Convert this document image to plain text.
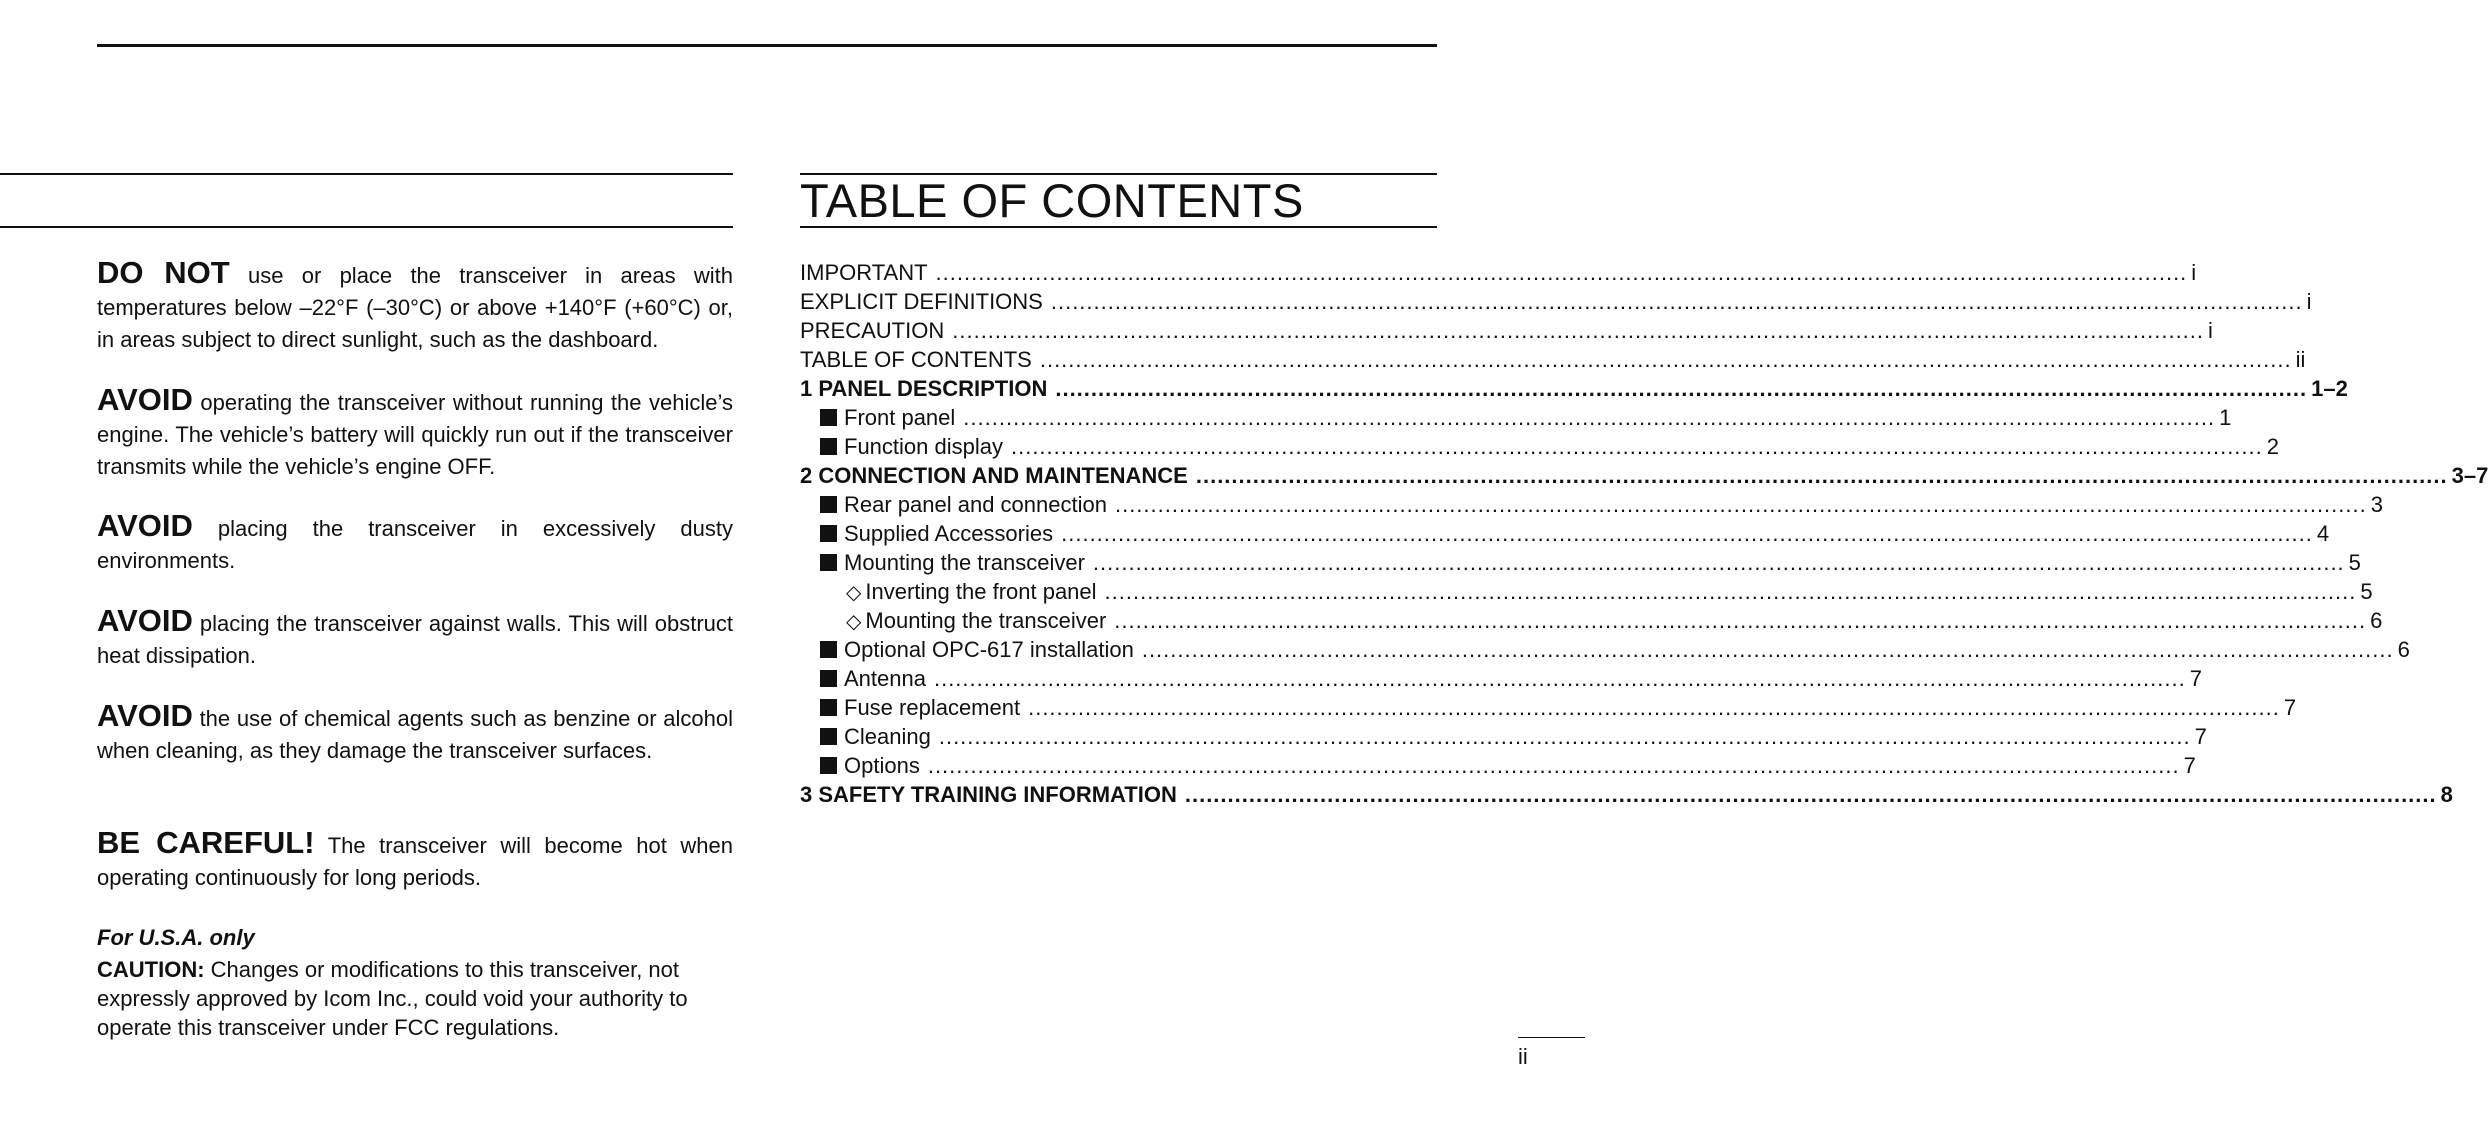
DO NOT use or place the transceiver in areas with temperatures below –22°F (–30°C) or above +140°F (+60°C) or, in areas subject to direct sunlight, such as the dashboard.

AVOID operating the transceiver without running the vehicle’s engine. The vehicle’s battery will quickly run out if the transceiver transmits while the vehicle’s engine OFF.

AVOID placing the transceiver in excessively dusty environments.

AVOID placing the transceiver against walls. This will obstruct heat dissipation.

AVOID the use of chemical agents such as benzine or alcohol when cleaning, as they damage the transceiver surfaces.

BE CAREFUL! The transceiver will become hot when operating continuously for long periods.

For U.S.A. only

CAUTION: Changes or modifications to this transceiver, not expressly approved by Icom Inc., could void your authority to operate this transceiver under FCC regulations.

TABLE OF CONTENTS
IMPORTANT ................................................................................................................................................................................ i
EXPLICIT DEFINITIONS ................................................................................................................................................................................ i
PRECAUTION ................................................................................................................................................................................ i
TABLE OF CONTENTS ................................................................................................................................................................................ ii
1 PANEL DESCRIPTION ................................................................................................................................................................................ 1–2
Front panel ................................................................................................................................................................................ 1
Function display ................................................................................................................................................................................ 2
2 CONNECTION AND MAINTENANCE ................................................................................................................................................................................ 3–7
Rear panel and connection ................................................................................................................................................................................ 3
Supplied Accessories ................................................................................................................................................................................ 4
Mounting the transceiver ................................................................................................................................................................................ 5
◇ Inverting the front panel ................................................................................................................................................................................ 5
◇ Mounting the transceiver ................................................................................................................................................................................ 6
Optional OPC-617 installation ................................................................................................................................................................................ 6
Antenna ................................................................................................................................................................................ 7
Fuse replacement ................................................................................................................................................................................ 7
Cleaning ................................................................................................................................................................................ 7
Options ................................................................................................................................................................................ 7
3 SAFETY TRAINING INFORMATION ................................................................................................................................................................................ 8

ii
